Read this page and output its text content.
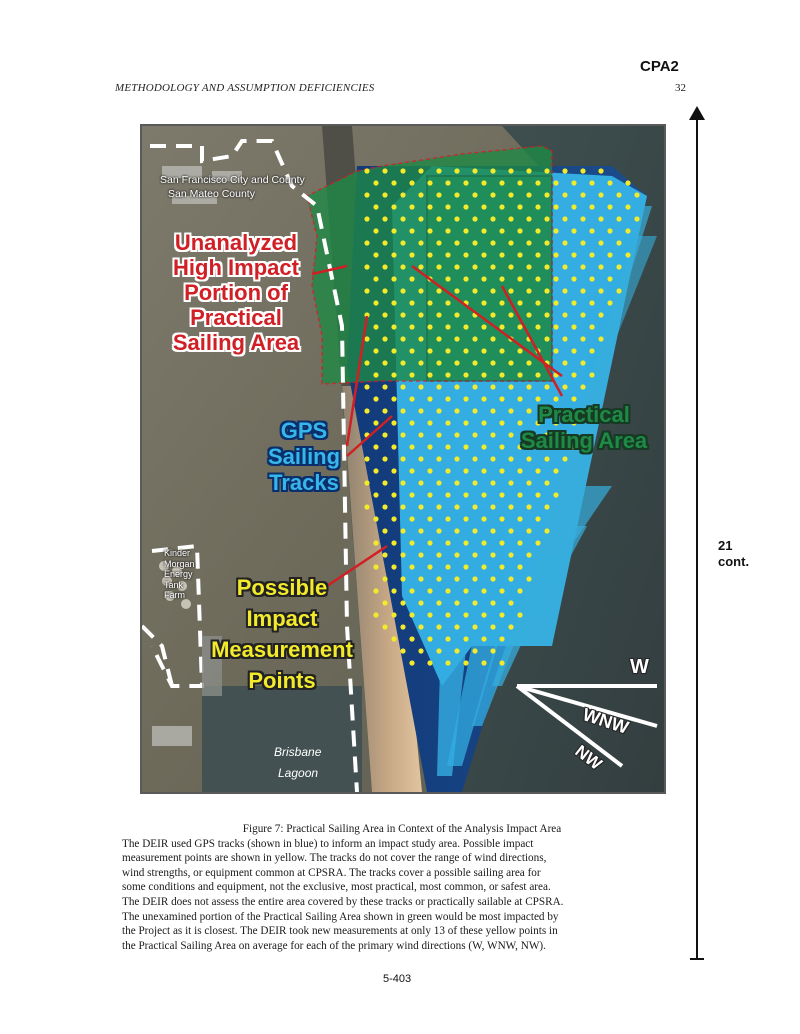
CPA2
METHODOLOGY AND ASSUMPTION DEFICIENCIES	32
21
cont.
San Francisco City and County
San Mateo County
Unanalyzed
High Impact
Portion of
Practical
Sailing Area
Practical
Sailing Area
GPS
Sailing
Tracks
Possible
Impact
Measurement
Points
Kinder
Morgan
Energy
Tank
Farm
Brisbane
Lagoon
W
WNW
NW
Figure 7: Practical Sailing Area in Context of the Analysis Impact Area
The DEIR used GPS tracks (shown in blue) to inform an impact study area. Possible impact
measurement points are shown in yellow. The tracks do not cover the range of wind directions,
wind strengths, or equipment common at CPSRA. The tracks cover a possible sailing area for
some conditions and equipment, not the exclusive, most practical, most common, or safest area.
The DEIR does not assess the entire area covered by these tracks or practically sailable at CPSRA.
The unexamined portion of the Practical Sailing Area shown in green would be most impacted by
the Project as it is closest. The DEIR took new measurements at only 13 of these yellow points in
the Practical Sailing Area on average for each of the primary wind directions (W, WNW, NW).
5-403
